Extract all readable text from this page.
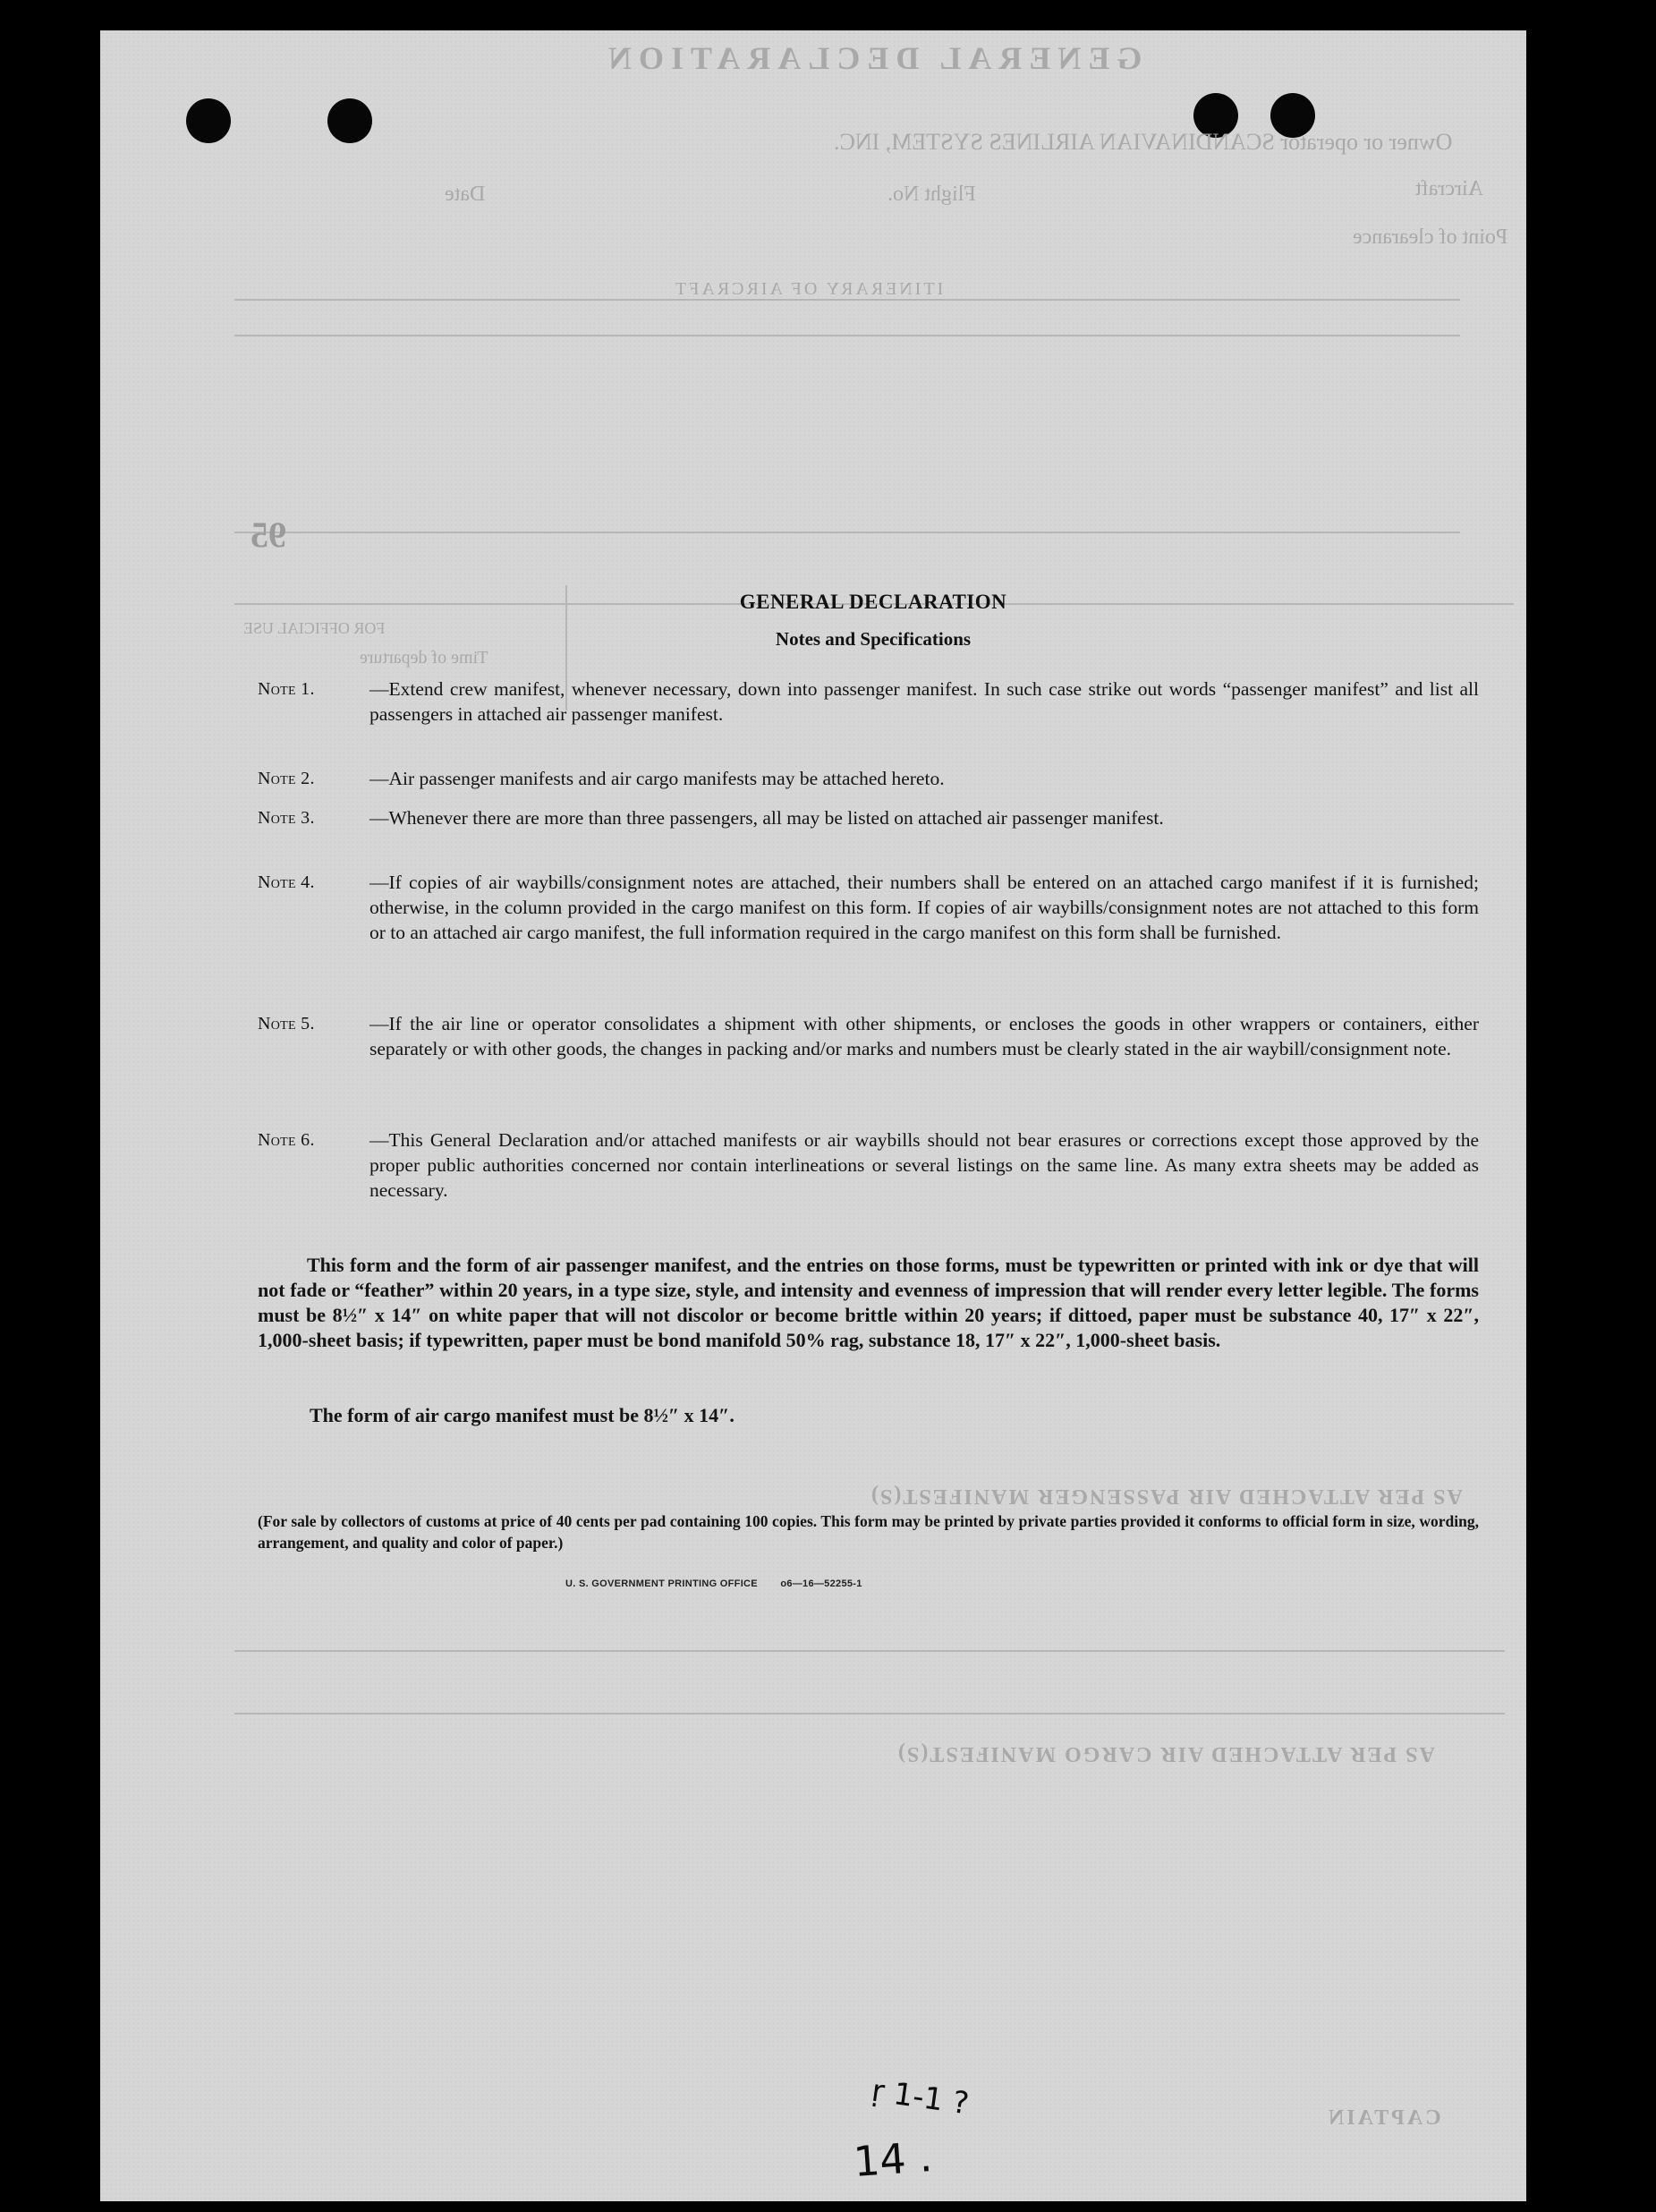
GENERAL DECLARATION
Owner or operator SCANDINAVIAN AIRLINES SYSTEM, INC.
Aircraft
Flight No.
Date
Point of clearance
ITINERARY OF AIRCRAFT
95
FOR OFFICIAL USE
Time of departure
AS PER ATTACHED AIR PASSENGER MANIFEST(S)
AS PER ATTACHED AIR CARGO MANIFEST(S)
CAPTAIN
GENERAL DECLARATION
Notes and Specifications
Note 1.	—Extend crew manifest, whenever necessary, down into passenger manifest. In such case strike out words “passenger manifest” and list all passengers in attached air passenger manifest.
Note 2.	—Air passenger manifests and air cargo manifests may be attached hereto.
Note 3.	—Whenever there are more than three passengers, all may be listed on attached air passenger manifest.
Note 4.	—If copies of air waybills/consignment notes are attached, their numbers shall be entered on an attached cargo manifest if it is furnished; otherwise, in the column provided in the cargo manifest on this form. If copies of air waybills/consignment notes are not attached to this form or to an attached air cargo manifest, the full information required in the cargo manifest on this form shall be furnished.
Note 5.	—If the air line or operator consolidates a shipment with other shipments, or encloses the goods in other wrappers or containers, either separately or with other goods, the changes in packing and/or marks and numbers must be clearly stated in the air waybill/consignment note.
Note 6.	—This General Declaration and/or attached manifests or air waybills should not bear erasures or corrections except those approved by the proper public authorities concerned nor contain interlineations or several listings on the same line. As many extra sheets may be added as necessary.
This form and the form of air passenger manifest, and the entries on those forms, must be typewritten or printed with ink or dye that will not fade or “feather” within 20 years, in a type size, style, and intensity and evenness of impression that will render every letter legible. The forms must be 8½″ x 14″ on white paper that will not discolor or become brittle within 20 years; if dittoed, paper must be substance 40, 17″ x 22″, 1,000-sheet basis; if typewritten, paper must be bond manifold 50% rag, substance 18, 17″ x 22″, 1,000-sheet basis.
The form of air cargo manifest must be 8½″ x 14″.
(For sale by collectors of customs at price of 40 cents per pad containing 100 copies. This form may be printed by private parties provided it conforms to official form in size, wording, arrangement, and quality and color of paper.)
U. S. GOVERNMENT PRINTING OFFICE o6—16—52255-1
14 .
ṛ 1-1 ?
